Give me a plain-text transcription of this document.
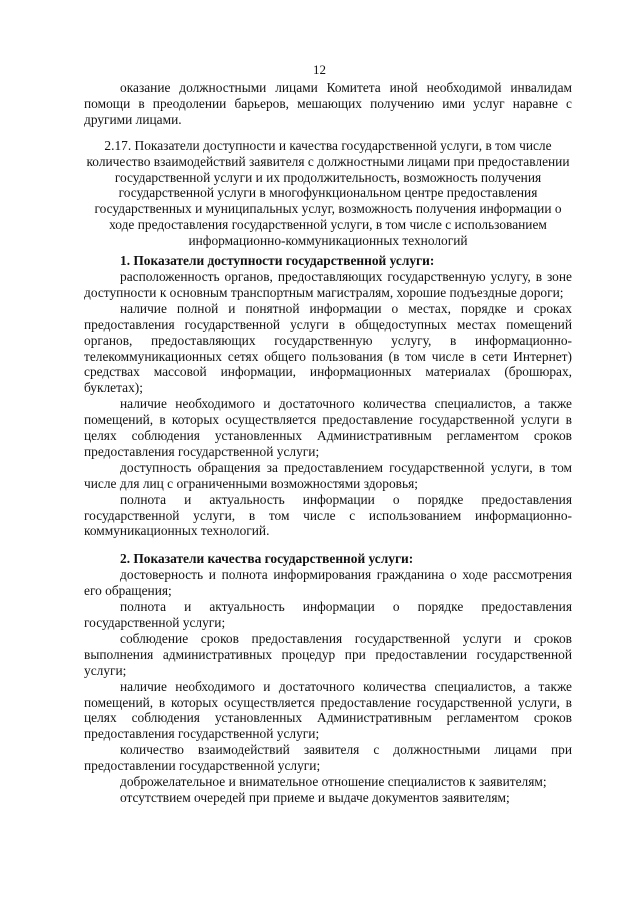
12

оказание должностными лицами Комитета иной необходимой инвалидам помощи в преодолении барьеров, мешающих получению ими услуг наравне с другими лицами.

2.17. Показатели доступности и качества государственной услуги, в том числе количество взаимодействий заявителя с должностными лицами при предоставлении государственной услуги и их продолжительность, возможность получения государственной услуги в многофункциональном центре предоставления государственных и муниципальных услуг, возможность получения информации о ходе предоставления государственной услуги, в том числе с использованием информационно-коммуникационных технологий

1. Показатели доступности государственной услуги:

расположенность органов, предоставляющих государственную услугу, в зоне доступности к основным транспортным магистралям, хорошие подъездные дороги;

наличие полной и понятной информации о местах, порядке и сроках предоставления государственной услуги в общедоступных местах помещений органов, предоставляющих государственную услугу, в информационно-телекоммуникационных сетях общего пользования (в том числе в сети Интернет) средствах массовой информации, информационных материалах (брошюрах, буклетах);

наличие необходимого и достаточного количества специалистов, а также помещений, в которых осуществляется предоставление государственной услуги в целях соблюдения установленных Административным регламентом сроков предоставления государственной услуги;

доступность обращения за предоставлением государственной услуги, в том числе для лиц с ограниченными возможностями здоровья;

полнота и актуальность информации о порядке предоставления государственной услуги, в том числе с использованием информационно-коммуникационных технологий.

2. Показатели качества государственной услуги:

достоверность и полнота информирования гражданина о ходе рассмотрения его обращения;

полнота и актуальность информации о порядке предоставления государственной услуги;

соблюдение сроков предоставления государственной услуги и сроков выполнения административных процедур при предоставлении государственной услуги;

наличие необходимого и достаточного количества специалистов, а также помещений, в которых осуществляется предоставление государственной услуги, в целях соблюдения установленных Административным регламентом сроков предоставления государственной услуги;

количество взаимодействий заявителя с должностными лицами при предоставлении государственной услуги;

доброжелательное и внимательное отношение специалистов к заявителям;

отсутствием очередей при приеме и выдаче документов заявителям;
